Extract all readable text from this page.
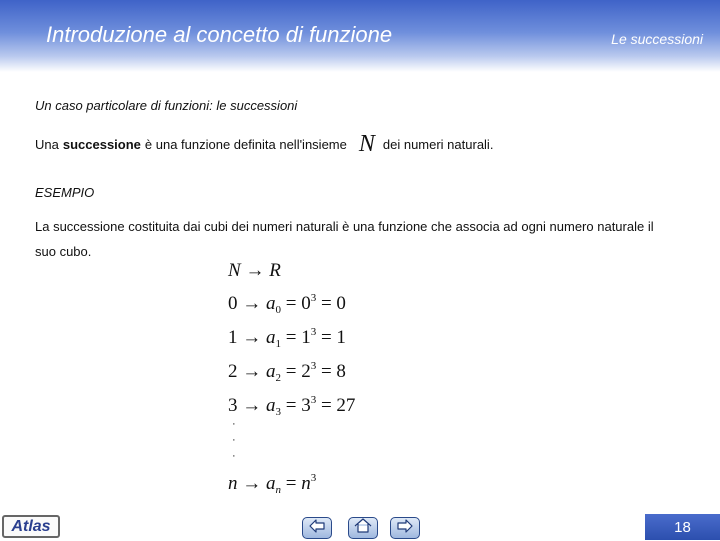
Introduzione al concetto di funzione	Le successioni
Un caso particolare di funzioni: le successioni
Una successione è una funzione definita nell'insieme N dei numeri naturali.
ESEMPIO
La successione costituita dai cubi dei numeri naturali è una funzione che associa ad ogni numero naturale il suo cubo.
N → R
$0 \to a_0 = 0^3 = 0$
$1 \to a_1 = 1^3 = 1$
$2 \to a_2 = 2^3 = 8$
$3 \to a_3 = 3^3 = 27$
·
·
·
$n \to a_n = n^3$
Atlas	18
